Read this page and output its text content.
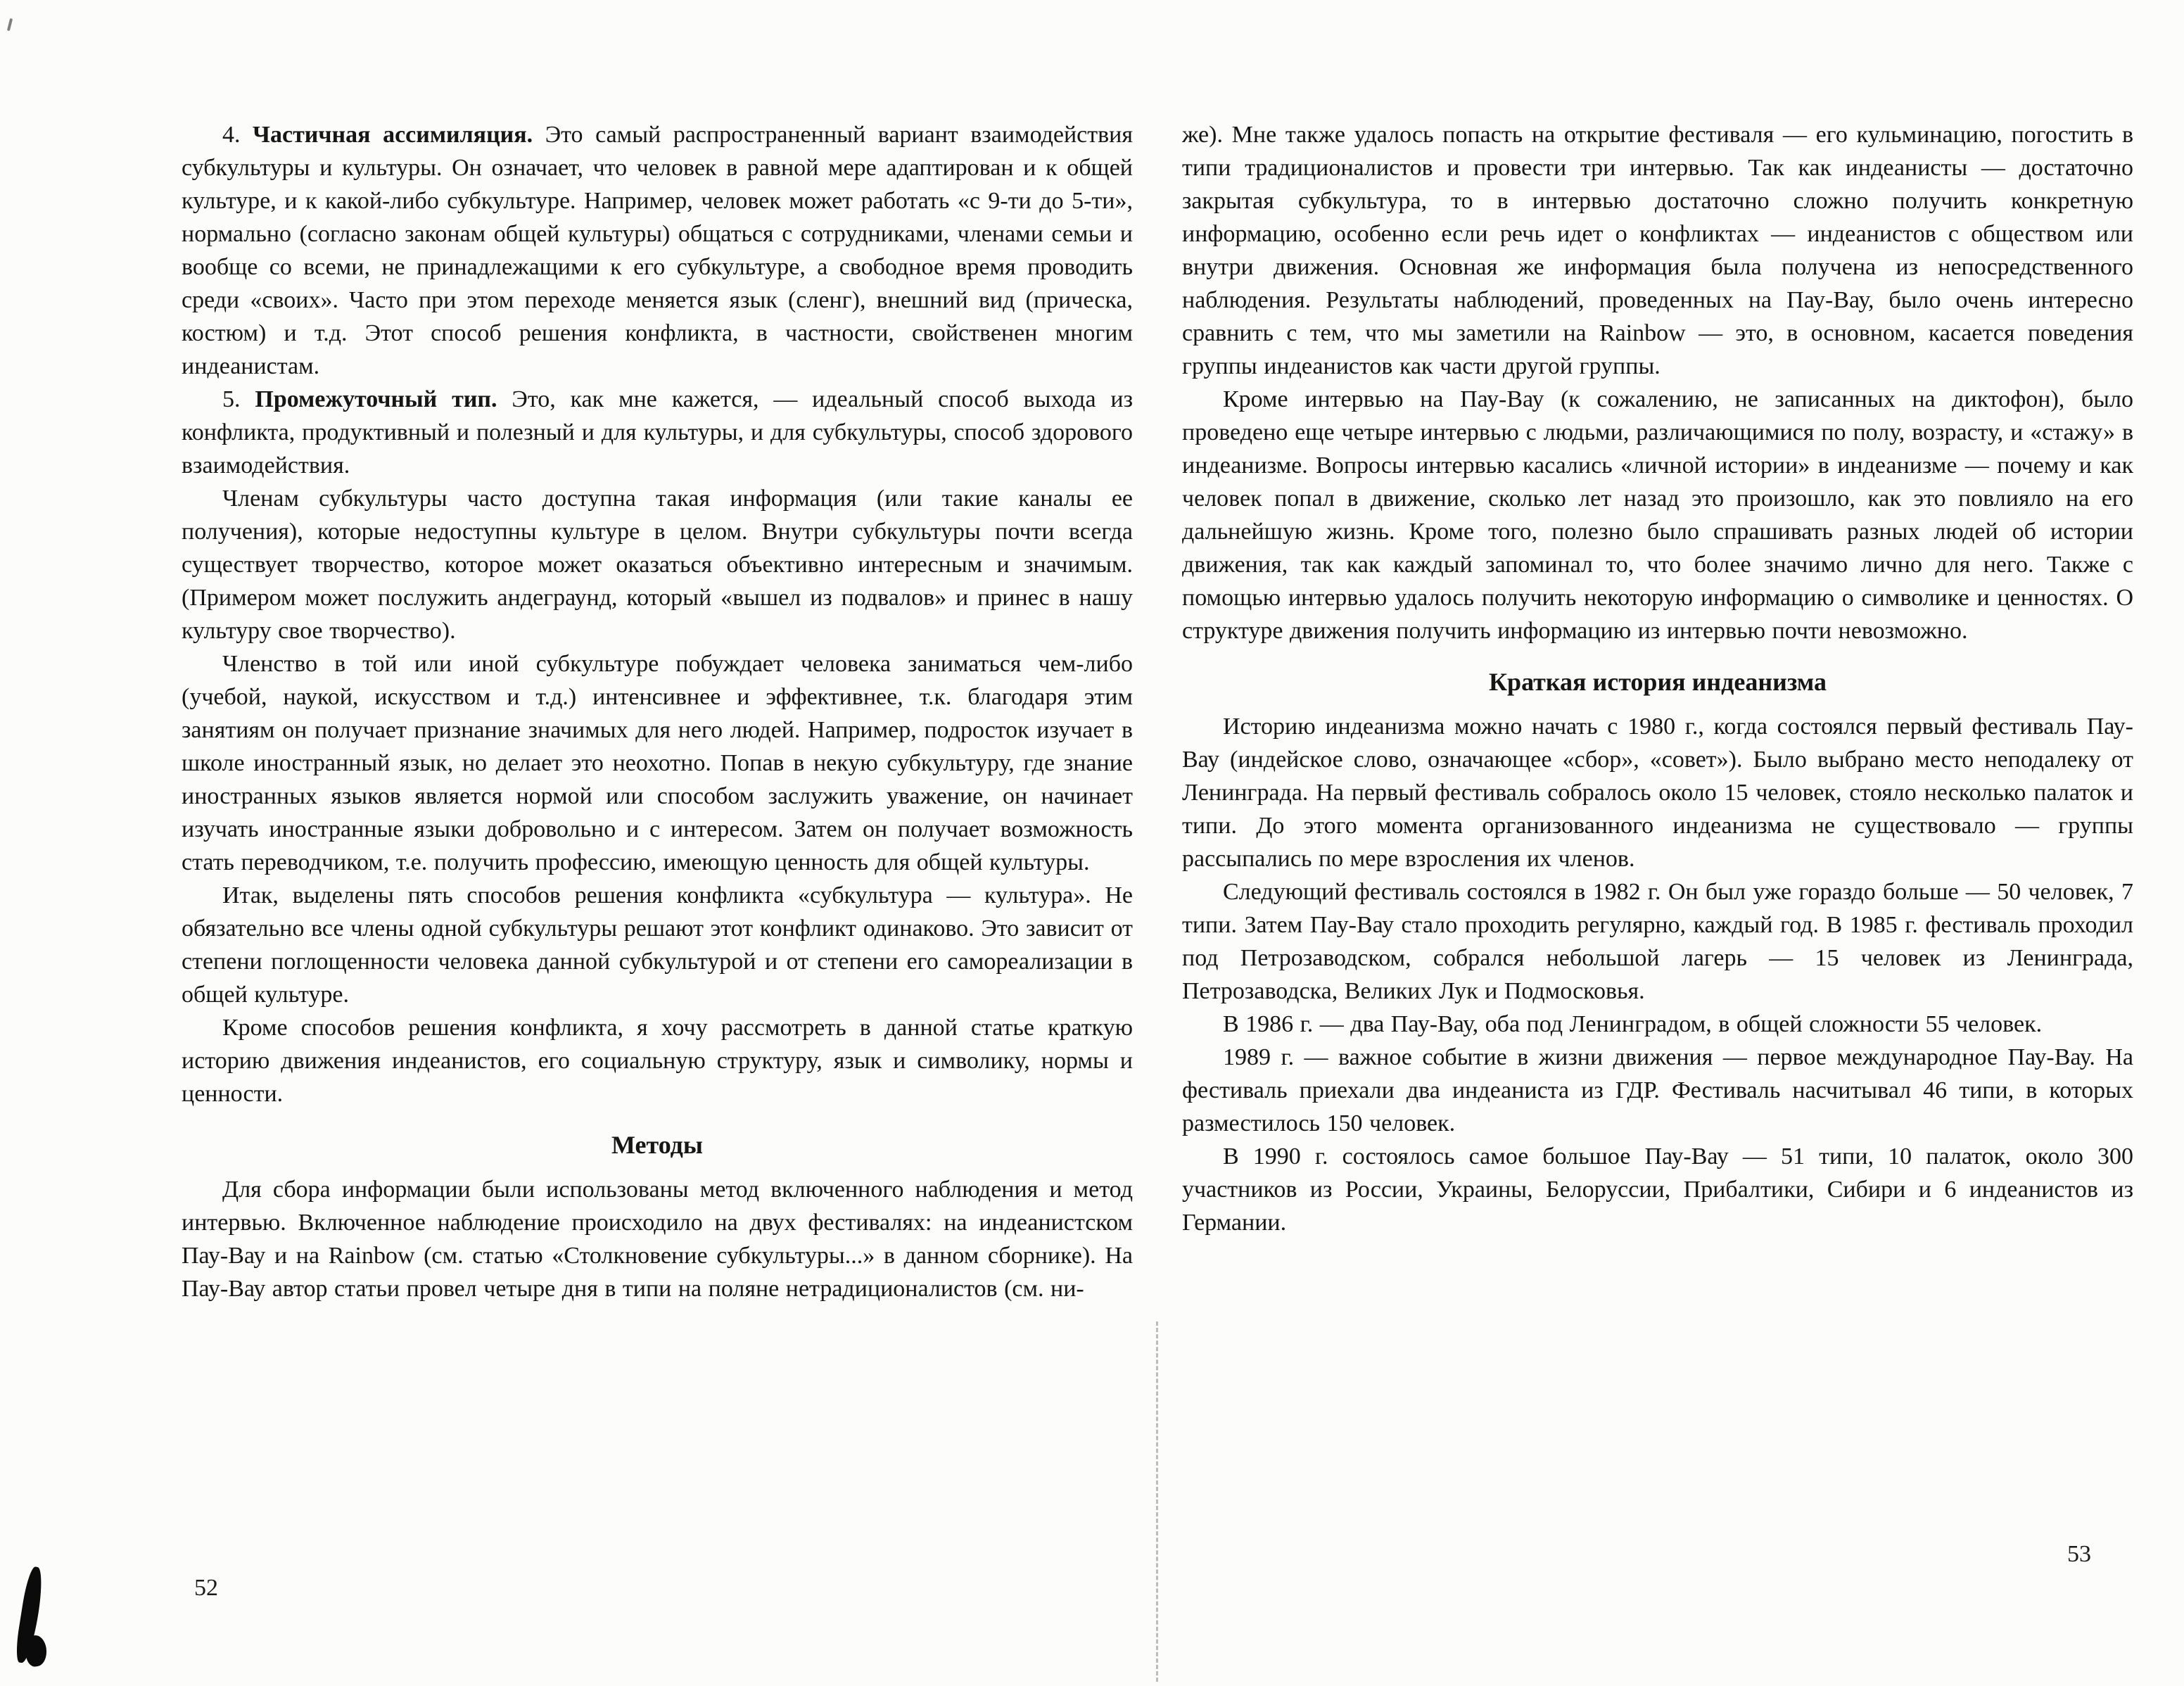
4. Частичная ассимиляция. Это самый распространенный вариант взаимодействия субкультуры и культуры. Он означает, что человек в равной мере адаптирован и к общей культуре, и к какой-либо субкультуре. Например, человек может работать «с 9-ти до 5-ти», нормально (согласно законам общей культуры) общаться с сотрудниками, членами семьи и вообще со всеми, не принадлежащими к его субкультуре, а свободное время проводить среди «своих». Часто при этом переходе меняется язык (сленг), внешний вид (прическа, костюм) и т.д. Этот способ решения конфликта, в частности, свойственен многим индеанистам.

5. Промежуточный тип. Это, как мне кажется, — идеальный способ выхода из конфликта, продуктивный и полезный и для культуры, и для субкультуры, способ здорового взаимодействия.

Членам субкультуры часто доступна такая информация (или такие каналы ее получения), которые недоступны культуре в целом. Внутри субкультуры почти всегда существует творчество, которое может оказаться объективно интересным и значимым. (Примером может послужить андеграунд, который «вышел из подвалов» и принес в нашу культуру свое творчество).

Членство в той или иной субкультуре побуждает человека заниматься чем-либо (учебой, наукой, искусством и т.д.) интенсивнее и эффективнее, т.к. благодаря этим занятиям он получает признание значимых для него людей. Например, подросток изучает в школе иностранный язык, но делает это неохотно. Попав в некую субкультуру, где знание иностранных языков является нормой или способом заслужить уважение, он начинает изучать иностранные языки добровольно и с интересом. Затем он получает возможность стать переводчиком, т.е. получить профессию, имеющую ценность для общей культуры.

Итак, выделены пять способов решения конфликта «субкультура — культура». Не обязательно все члены одной субкультуры решают этот конфликт одинаково. Это зависит от степени поглощенности человека данной субкультурой и от степени его самореализации в общей культуре.

Кроме способов решения конфликта, я хочу рассмотреть в данной статье краткую историю движения индеанистов, его социальную структуру, язык и символику, нормы и ценности.

Методы

Для сбора информации были использованы метод включенного наблюдения и метод интервью. Включенное наблюдение происходило на двух фестивалях: на индеанистском Пау-Вау и на Rainbow (см. статью «Столкновение субкультуры...» в данном сборнике). На Пау-Вау автор статьи провел четыре дня в типи на поляне нетрадиционалистов (см. ни-

же). Мне также удалось попасть на открытие фестиваля — его кульминацию, погостить в типи традиционалистов и провести три интервью. Так как индеанисты — достаточно закрытая субкультура, то в интервью достаточно сложно получить конкретную информацию, особенно если речь идет о конфликтах — индеанистов с обществом или внутри движения. Основная же информация была получена из непосредственного наблюдения. Результаты наблюдений, проведенных на Пау-Вау, было очень интересно сравнить с тем, что мы заметили на Rainbow — это, в основном, касается поведения группы индеанистов как части другой группы.

Кроме интервью на Пау-Вау (к сожалению, не записанных на диктофон), было проведено еще четыре интервью с людьми, различающимися по полу, возрасту, и «стажу» в индеанизме. Вопросы интервью касались «личной истории» в индеанизме — почему и как человек попал в движение, сколько лет назад это произошло, как это повлияло на его дальнейшую жизнь. Кроме того, полезно было спрашивать разных людей об истории движения, так как каждый запоминал то, что более значимо лично для него. Также с помощью интервью удалось получить некоторую информацию о символике и ценностях. О структуре движения получить информацию из интервью почти невозможно.

Краткая история индеанизма

Историю индеанизма можно начать с 1980 г., когда состоялся первый фестиваль Пау-Вау (индейское слово, означающее «сбор», «совет»). Было выбрано место неподалеку от Ленинграда. На первый фестиваль собралось около 15 человек, стояло несколько палаток и типи. До этого момента организованного индеанизма не существовало — группы рассыпались по мере взросления их членов.

Следующий фестиваль состоялся в 1982 г. Он был уже гораздо больше — 50 человек, 7 типи. Затем Пау-Вау стало проходить регулярно, каждый год. В 1985 г. фестиваль проходил под Петрозаводском, собрался небольшой лагерь — 15 человек из Ленинграда, Петрозаводска, Великих Лук и Подмосковья.

В 1986 г. — два Пау-Вау, оба под Ленинградом, в общей сложности 55 человек.

1989 г. — важное событие в жизни движения — первое международное Пау-Вау. На фестиваль приехали два индеаниста из ГДР. Фестиваль насчитывал 46 типи, в которых разместилось 150 человек.

В 1990 г. состоялось самое большое Пау-Вау — 51 типи, 10 палаток, около 300 участников из России, Украины, Белоруссии, Прибалтики, Сибири и 6 индеанистов из Германии.

52
53
